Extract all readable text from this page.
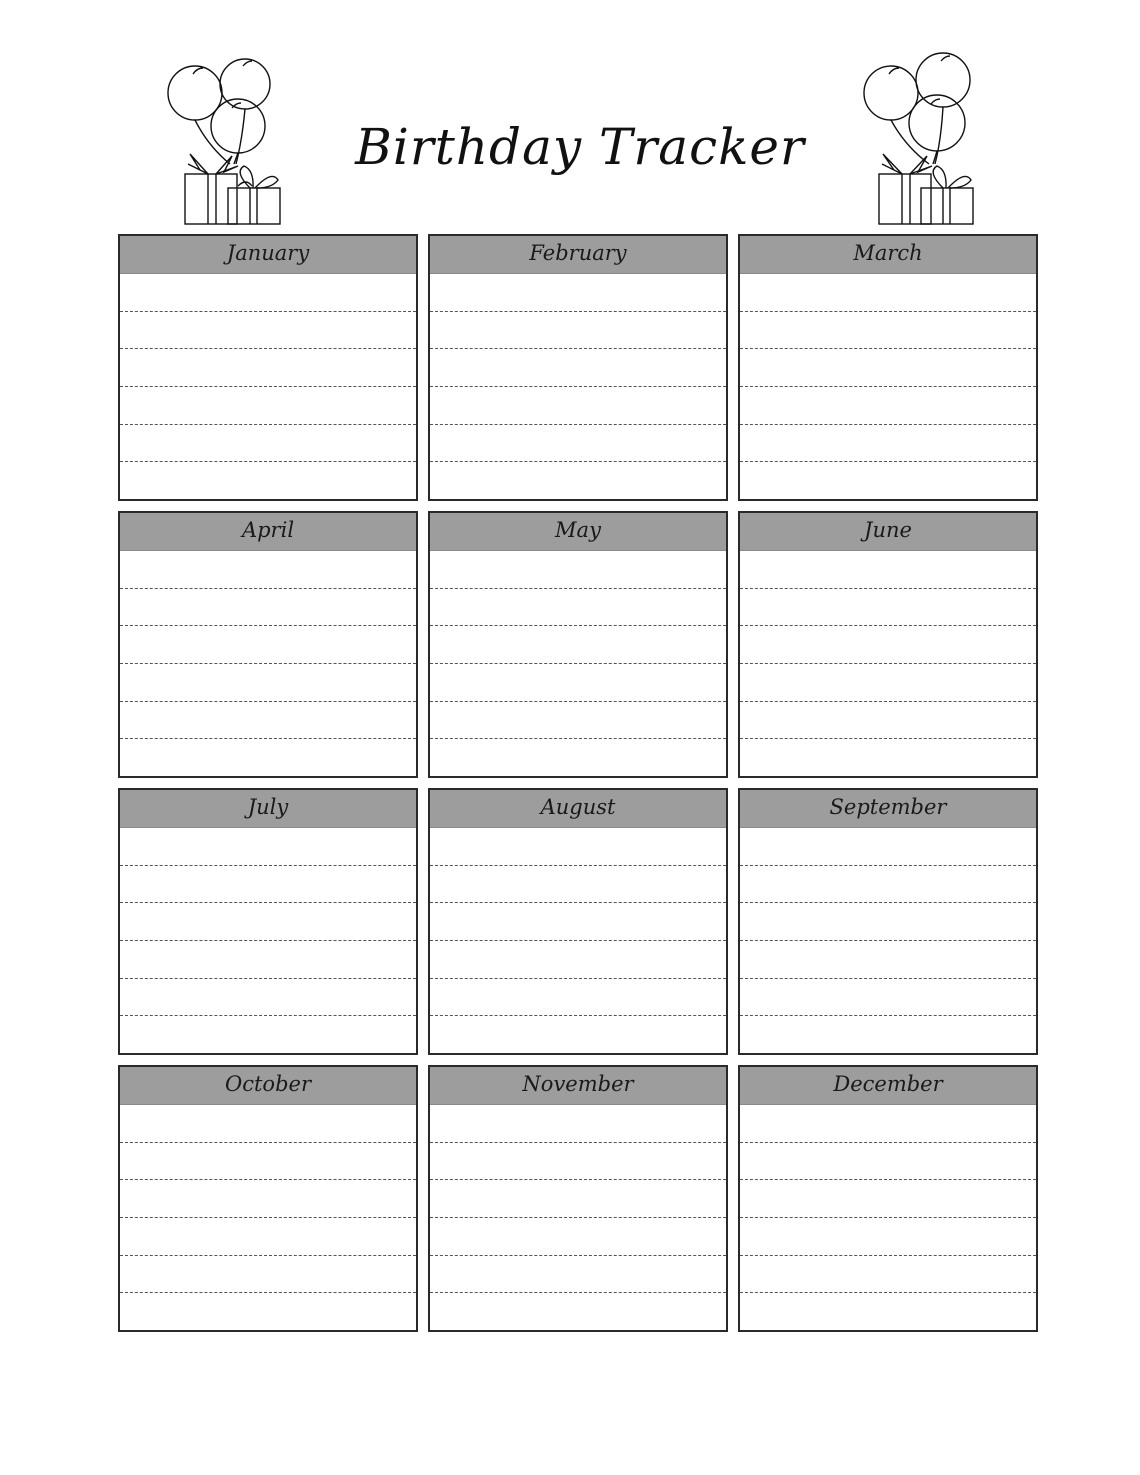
Birthday Tracker
January	February	March
April	May	June
July	August	September
October	November	December
